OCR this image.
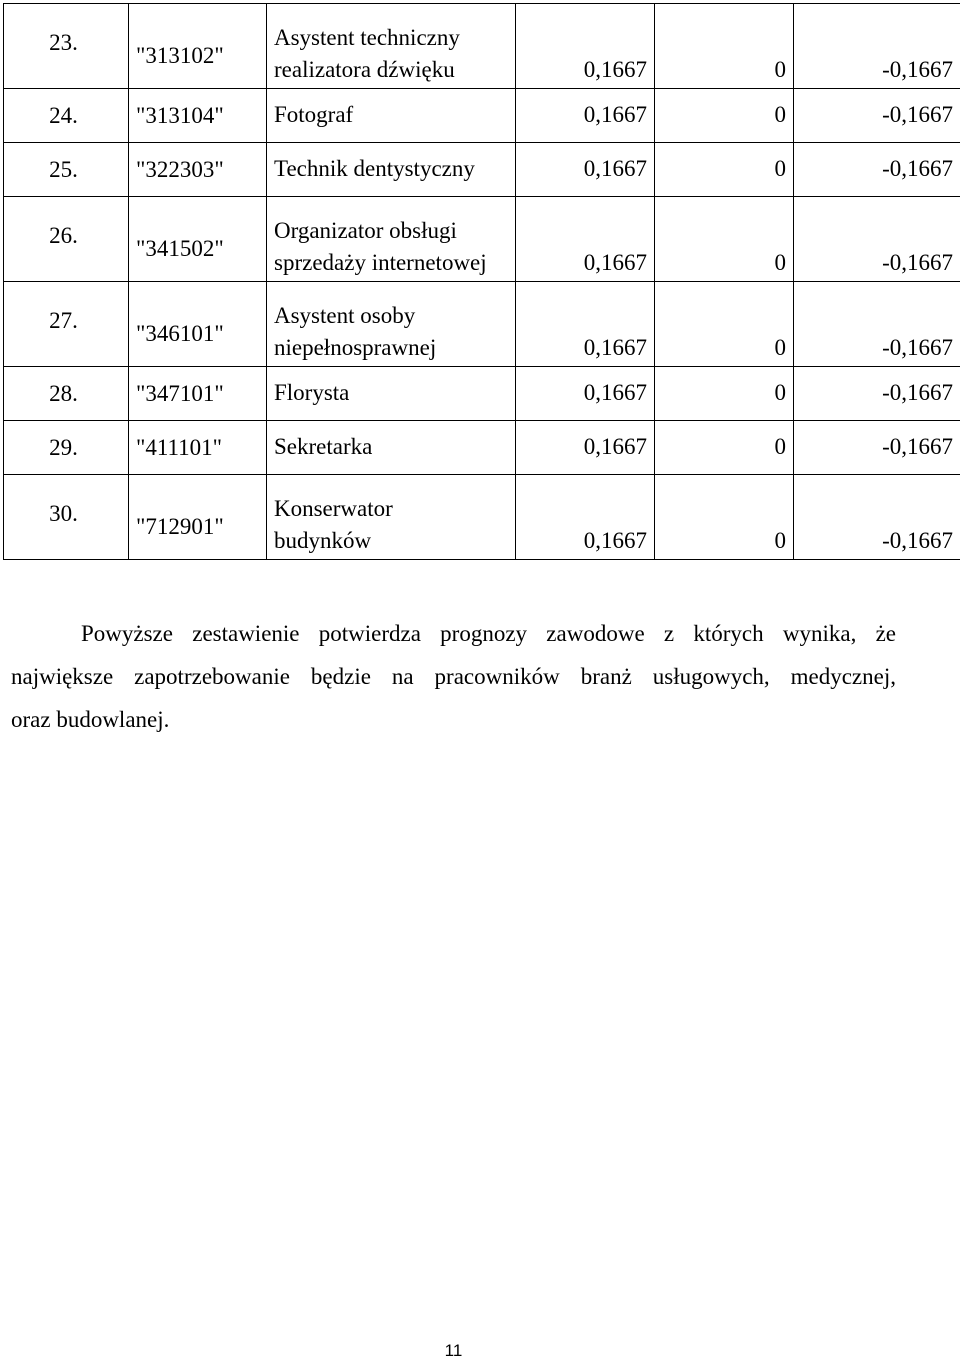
23.	"313102"	Asystent techniczny
realizatora dźwięku	0,1667	0	-0,1667
24.	"313104"	Fotograf	0,1667	0	-0,1667
25.	"322303"	Technik dentystyczny	0,1667	0	-0,1667
26.	"341502"	Organizator obsługi
sprzedaży internetowej	0,1667	0	-0,1667
27.	"346101"	Asystent osoby
niepełnosprawnej	0,1667	0	-0,1667
28.	"347101"	Florysta	0,1667	0	-0,1667
29.	"411101"	Sekretarka	0,1667	0	-0,1667
30.	"712901"	Konserwator
budynków	0,1667	0	-0,1667

Powyższe zestawienie potwierdza prognozy zawodowe z których wynika, że
największe zapotrzebowanie będzie na pracowników branż usługowych, medycznej,
oraz budowlanej.

11
